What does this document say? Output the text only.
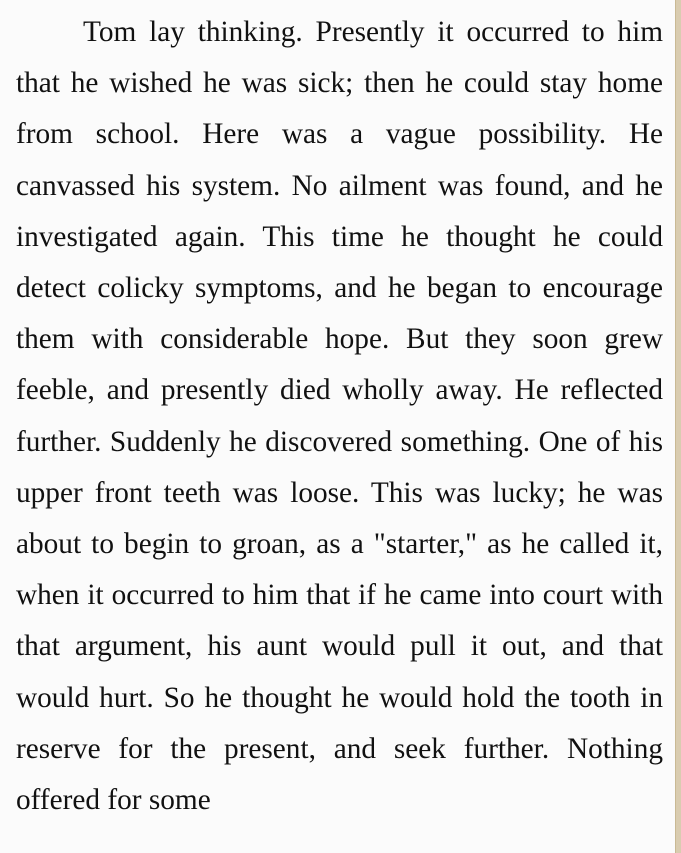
Tom lay thinking. Presently it occurred to him that he wished he was sick; then he could stay home from school. Here was a vague possibility. He canvassed his system. No ailment was found, and he investigated again. This time he thought he could detect colicky symptoms, and he began to encourage them with considerable hope. But they soon grew feeble, and presently died wholly away. He reflected further. Suddenly he discovered something. One of his upper front teeth was loose. This was lucky; he was about to begin to groan, as a "starter," as he called it, when it occurred to him that if he came into court with that argument, his aunt would pull it out, and that would hurt. So he thought he would hold the tooth in reserve for the present, and seek further. Nothing offered for some
